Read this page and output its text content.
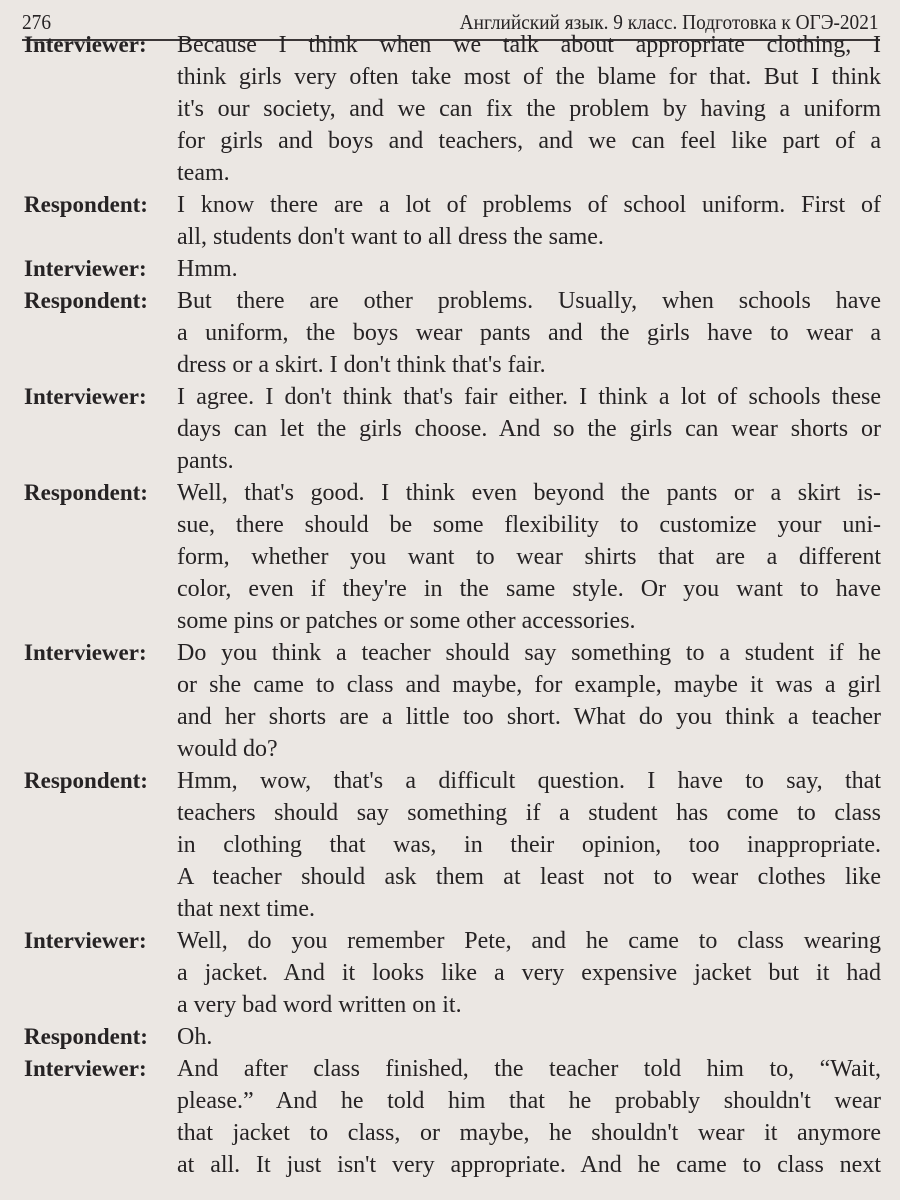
276	Английский язык. 9 класс. Подготовка к ОГЭ-2021
Interviewer:	Because I think when we talk about appropriate clothing, I
think girls very often take most of the blame for that. But I think
it's our society, and we can fix the problem by having a uniform
for girls and boys and teachers, and we can feel like part of a
team.
Respondent:	I know there are a lot of problems of school uniform. First of
all, students don't want to all dress the same.
Interviewer:	Hmm.
Respondent:	But there are other problems. Usually, when schools have
a uniform, the boys wear pants and the girls have to wear a
dress or a skirt. I don't think that's fair.
Interviewer:	I agree. I don't think that's fair either. I think a lot of schools these
days can let the girls choose. And so the girls can wear shorts or
pants.
Respondent:	Well, that's good. I think even beyond the pants or a skirt is-
sue, there should be some flexibility to customize your uni-
form, whether you want to wear shirts that are a different
color, even if they're in the same style. Or you want to have
some pins or patches or some other accessories.
Interviewer:	Do you think a teacher should say something to a student if he
or she came to class and maybe, for example, maybe it was a girl
and her shorts are a little too short. What do you think a teacher
would do?
Respondent:	Hmm, wow, that's a difficult question. I have to say, that
teachers should say something if a student has come to class
in clothing that was, in their opinion, too inappropriate.
A teacher should ask them at least not to wear clothes like
that next time.
Interviewer:	Well, do you remember Pete, and he came to class wearing
a jacket. And it looks like a very expensive jacket but it had
a very bad word written on it.
Respondent:	Oh.
Interviewer:	And after class finished, the teacher told him to, “Wait,
please.” And he told him that he probably shouldn't wear
that jacket to class, or maybe, he shouldn't wear it anymore
at all. It just isn't very appropriate. And he came to class next
